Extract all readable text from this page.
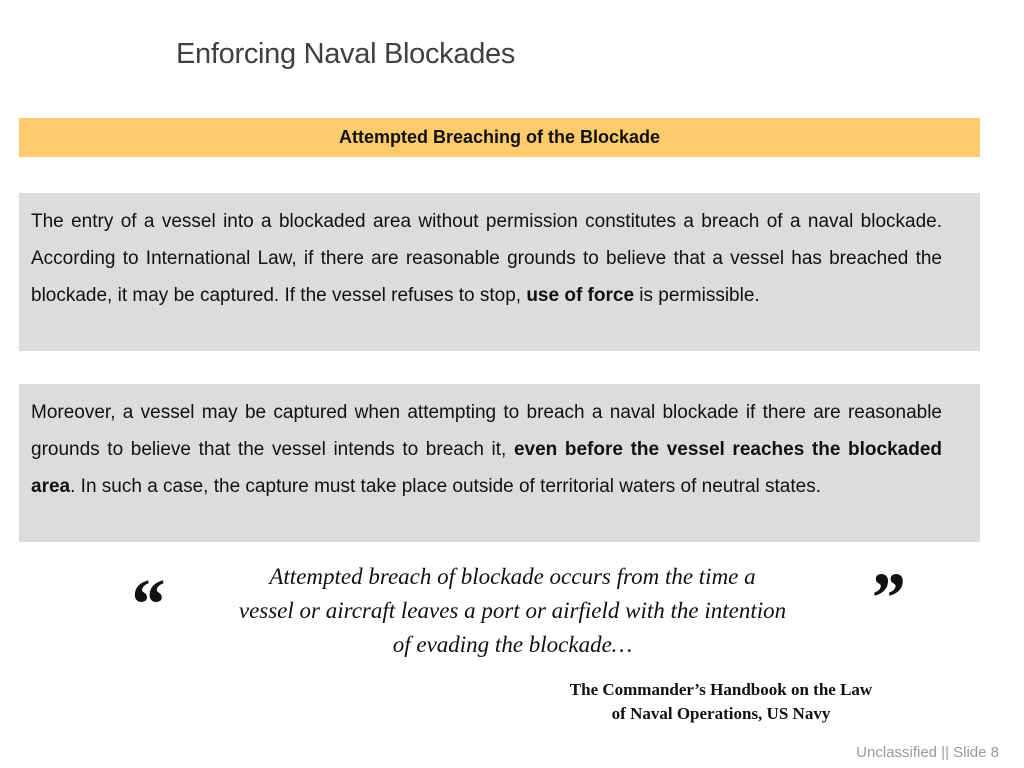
Enforcing Naval Blockades
Attempted Breaching of the Blockade

The entry of a vessel into a blockaded area without permission constitutes a breach of a naval blockade. According to International Law, if there are reasonable grounds to believe that a vessel has breached the blockade, it may be captured. If the vessel refuses to stop, use of force is permissible.

Moreover, a vessel may be captured when attempting to breach a naval blockade if there are reasonable grounds to believe that the vessel intends to breach it, even before the vessel reaches the blockaded area. In such a case, the capture must take place outside of territorial waters of neutral states.

“	Attempted breach of blockade occurs from the time a
vessel or aircraft leaves a port or airfield with the intention
of evading the blockade…

”
The Commander’s Handbook on the Law
of Naval Operations, US Navy
Unclassified || Slide 8
